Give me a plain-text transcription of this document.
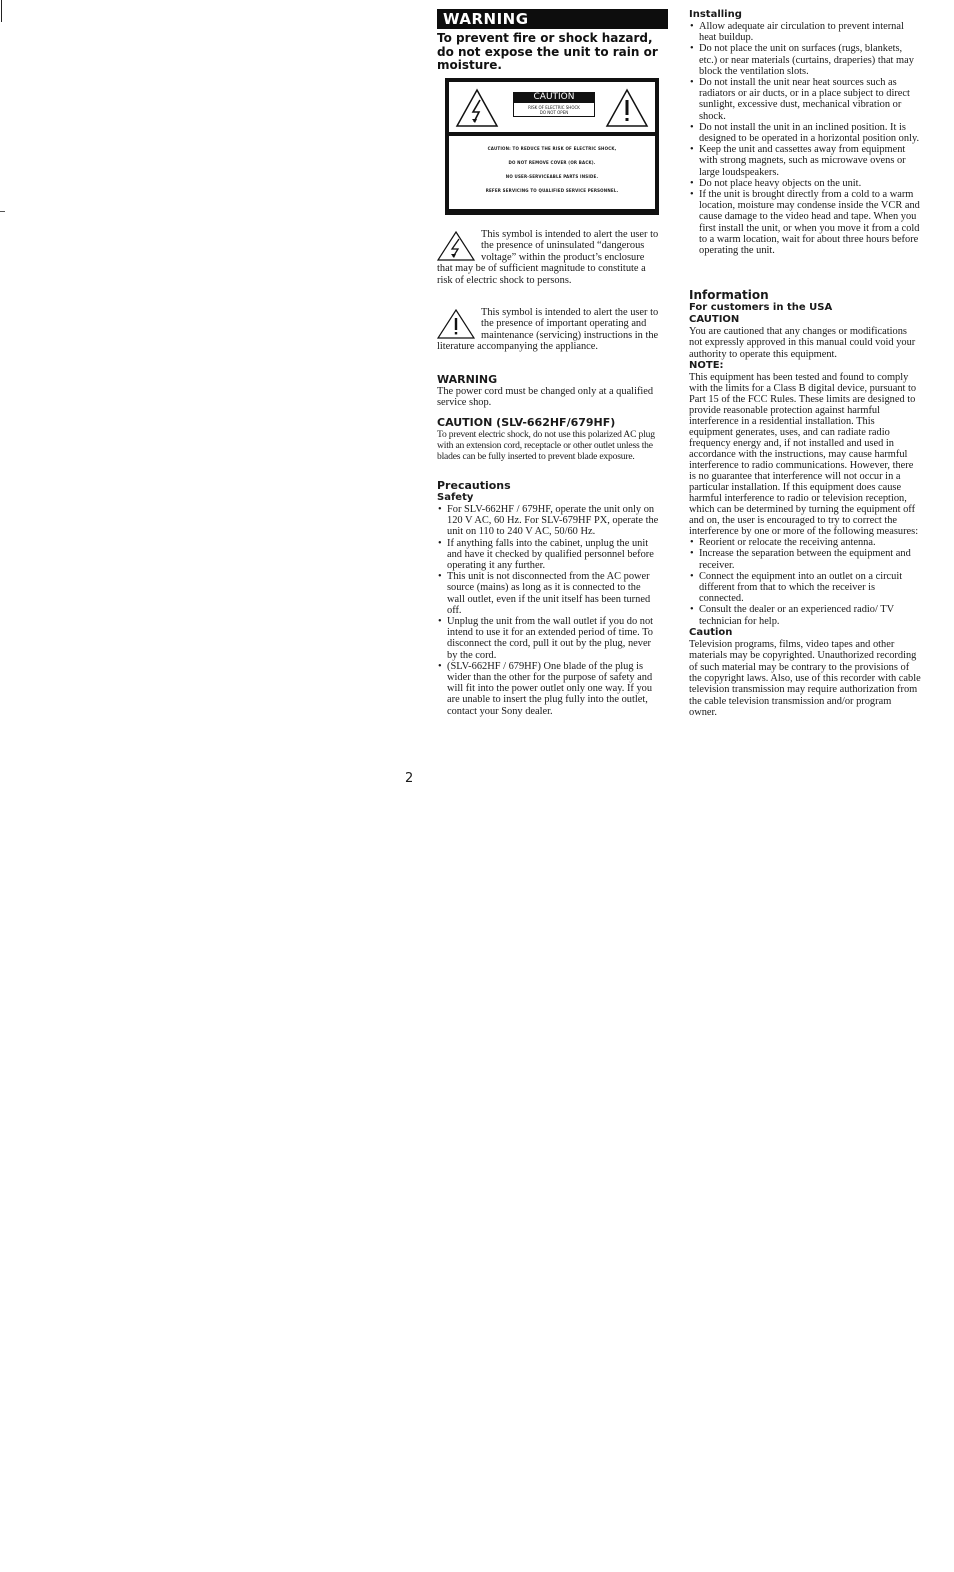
WARNING
To prevent fire or shock hazard, do not expose the unit to rain or moisture.
CAUTION
RISK OF ELECTRIC SHOCK
DO NOT OPEN
CAUTION: TO REDUCE THE RISK OF ELECTRIC SHOCK,
DO NOT REMOVE COVER (OR BACK).
NO USER-SERVICEABLE PARTS INSIDE.
REFER SERVICING TO QUALIFIED SERVICE PERSONNEL.

This symbol is intended to alert the user to the presence of uninsulated “dangerous voltage” within the product’s enclosure that may be of sufficient magnitude to constitute a risk of electric shock to persons.

This symbol is intended to alert the user to the presence of important operating and maintenance (servicing) instructions in the literature accompanying the appliance.

WARNING

The power cord must be changed only at a qualified service shop.

CAUTION (SLV-662HF/679HF)

To prevent electric shock, do not use this polarized AC plug with an extension cord, receptacle or other outlet unless the blades can be fully inserted to prevent blade exposure.

Precautions

Safety

• For SLV-662HF / 679HF, operate the unit only on 120 V AC, 60 Hz. For SLV-679HF PX, operate the unit on 110 to 240 V AC, 50/60 Hz.
• If anything falls into the cabinet, unplug the unit and have it checked by qualified personnel before operating it any further.
• This unit is not disconnected from the AC power source (mains) as long as it is connected to the wall outlet, even if the unit itself has been turned off.
• Unplug the unit from the wall outlet if you do not intend to use it for an extended period of time. To disconnect the cord, pull it out by the plug, never by the cord.
• (SLV-662HF / 679HF) One blade of the plug is wider than the other for the purpose of safety and will fit into the power outlet only one way. If you are unable to insert the plug fully into the outlet, contact your Sony dealer.

Installing

• Allow adequate air circulation to prevent internal heat buildup.
• Do not place the unit on surfaces (rugs, blankets, etc.) or near materials (curtains, draperies) that may block the ventilation slots.
• Do not install the unit near heat sources such as radiators or air ducts, or in a place subject to direct sunlight, excessive dust, mechanical vibration or shock.
• Do not install the unit in an inclined position. It is designed to be operated in a horizontal position only.
• Keep the unit and cassettes away from equipment with strong magnets, such as microwave ovens or large loudspeakers.
• Do not place heavy objects on the unit.
• If the unit is brought directly from a cold to a warm location, moisture may condense inside the VCR and cause damage to the video head and tape. When you first install the unit, or when you move it from a cold to a warm location, wait for about three hours before operating the unit.

Information

For customers in the USA

CAUTION

You are cautioned that any changes or modifications not expressly approved in this manual could void your authority to operate this equipment.

NOTE:

This equipment has been tested and found to comply with the limits for a Class B digital device, pursuant to Part 15 of the FCC Rules. These limits are designed to provide reasonable protection against harmful interference in a residential installation. This equipment generates, uses, and can radiate radio frequency energy and, if not installed and used in accordance with the instructions, may cause harmful interference to radio communications. However, there is no guarantee that interference will not occur in a particular installation. If this equipment does cause harmful interference to radio or television reception, which can be determined by turning the equipment off and on, the user is encouraged to try to correct the interference by one or more of the following measures:

• Reorient or relocate the receiving antenna.
• Increase the separation between the equipment and receiver.
• Connect the equipment into an outlet on a circuit different from that to which the receiver is connected.
• Consult the dealer or an experienced radio/ TV technician for help.

Caution

Television programs, films, video tapes and other materials may be copyrighted. Unauthorized recording of such material may be contrary to the provisions of the copyright laws. Also, use of this recorder with cable television transmission may require authorization from the cable television transmission and/or program owner.

2
